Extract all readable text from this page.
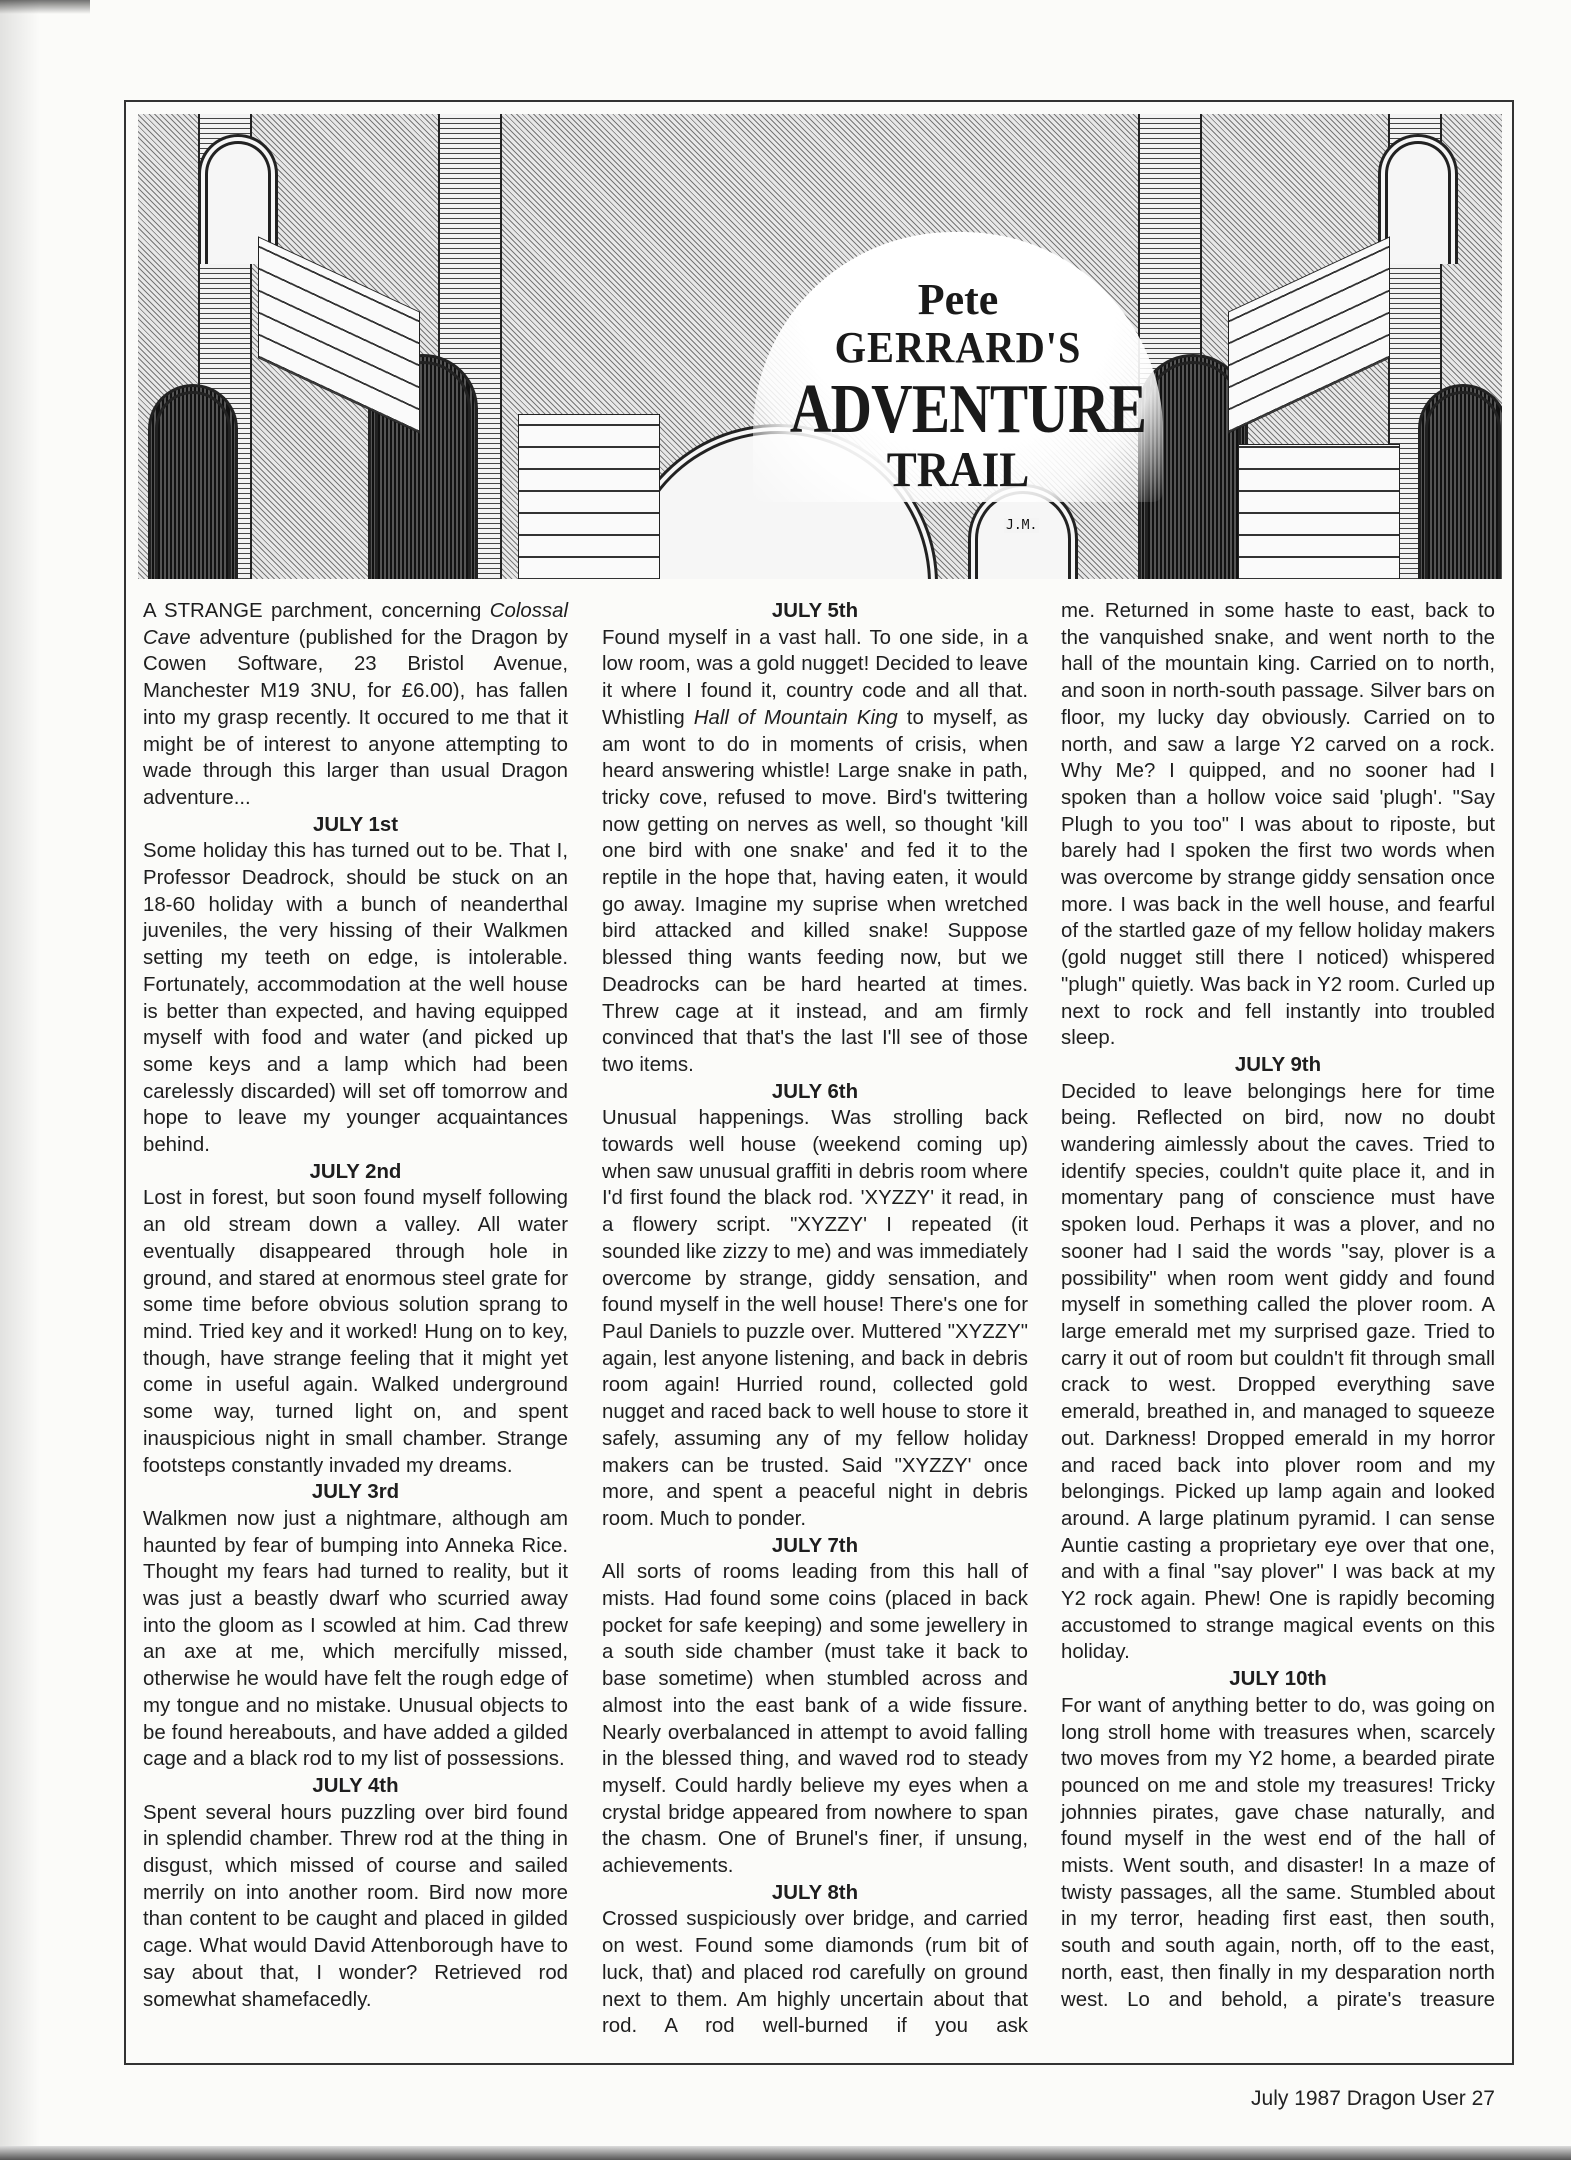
J.M.
Pete
GERRARD'S
ADVENTURE
TRAIL

A STRANGE parchment, concerning Colossal Cave adventure (published for the Dragon by Cowen Software, 23 Bristol Avenue, Manchester M19 3NU, for £6.00), has fallen into my grasp recently. It occured to me that it might be of interest to anyone attempting to wade through this larger than usual Dragon adventure...

JULY 1st

Some holiday this has turned out to be. That I, Professor Deadrock, should be stuck on an 18-60 holiday with a bunch of neanderthal juveniles, the very hissing of their Walkmen setting my teeth on edge, is intolerable. Fortunately, accommodation at the well house is better than expected, and having equipped myself with food and water (and picked up some keys and a lamp which had been carelessly discarded) will set off tomorrow and hope to leave my younger acquaintances behind.

JULY 2nd

Lost in forest, but soon found myself following an old stream down a valley. All water eventually disappeared through hole in ground, and stared at enormous steel grate for some time before obvious solution sprang to mind. Tried key and it worked! Hung on to key, though, have strange feeling that it might yet come in useful again. Walked underground some way, turned light on, and spent inauspicious night in small chamber. Strange footsteps constantly invaded my dreams.

JULY 3rd

Walkmen now just a nightmare, although am haunted by fear of bumping into Anneka Rice. Thought my fears had turned to reality, but it was just a beastly dwarf who scurried away into the gloom as I scowled at him. Cad threw an axe at me, which mercifully missed, otherwise he would have felt the rough edge of my tongue and no mistake. Unusual objects to be found hereabouts, and have added a gilded cage and a black rod to my list of possessions.

JULY 4th

Spent several hours puzzling over bird found in splendid chamber. Threw rod at the thing in disgust, which missed of course and sailed merrily on into another room. Bird now more than content to be caught and placed in gilded cage. What would David Attenborough have to say about that, I wonder? Retrieved rod somewhat shamefacedly.

JULY 5th

Found myself in a vast hall. To one side, in a low room, was a gold nugget! Decided to leave it where I found it, country code and all that. Whistling Hall of Mountain King to myself, as am wont to do in moments of crisis, when heard answering whistle! Large snake in path, tricky cove, refused to move. Bird's twittering now getting on nerves as well, so thought 'kill one bird with one snake' and fed it to the reptile in the hope that, having eaten, it would go away. Imagine my suprise when wretched bird attacked and killed snake! Suppose blessed thing wants feeding now, but we Deadrocks can be hard hearted at times. Threw cage at it instead, and am firmly convinced that that's the last I'll see of those two items.

JULY 6th

Unusual happenings. Was strolling back towards well house (weekend coming up) when saw unusual graffiti in debris room where I'd first found the black rod. 'XYZZY' it read, in a flowery script. "XYZZY' I repeated (it sounded like zizzy to me) and was immediately overcome by strange, giddy sensation, and found myself in the well house! There's one for Paul Daniels to puzzle over. Muttered "XYZZY" again, lest anyone listening, and back in debris room again! Hurried round, collected gold nugget and raced back to well house to store it safely, assuming any of my fellow holiday makers can be trusted. Said "XYZZY' once more, and spent a peaceful night in debris room. Much to ponder.

JULY 7th

All sorts of rooms leading from this hall of mists. Had found some coins (placed in back pocket for safe keeping) and some jewellery in a south side chamber (must take it back to base sometime) when stumbled across and almost into the east bank of a wide fissure. Nearly overbalanced in attempt to avoid falling in the blessed thing, and waved rod to steady myself. Could hardly believe my eyes when a crystal bridge appeared from nowhere to span the chasm. One of Brunel's finer, if unsung, achievements.

JULY 8th

Crossed suspiciously over bridge, and carried on west. Found some diamonds (rum bit of luck, that) and placed rod carefully on ground next to them. Am highly uncertain about that rod. A rod well-burned if you ask

me. Returned in some haste to east, back to the vanquished snake, and went north to the hall of the mountain king. Carried on to north, and soon in north-south passage. Silver bars on floor, my lucky day obviously. Carried on to north, and saw a large Y2 carved on a rock. Why Me? I quipped, and no sooner had I spoken than a hollow voice said 'plugh'. "Say Plugh to you too" I was about to riposte, but barely had I spoken the first two words when was overcome by strange giddy sensation once more. I was back in the well house, and fearful of the startled gaze of my fellow holiday makers (gold nugget still there I noticed) whispered "plugh" quietly. Was back in Y2 room. Curled up next to rock and fell instantly into troubled sleep.

JULY 9th

Decided to leave belongings here for time being. Reflected on bird, now no doubt wandering aimlessly about the caves. Tried to identify species, couldn't quite place it, and in momentary pang of conscience must have spoken loud. Perhaps it was a plover, and no sooner had I said the words "say, plover is a possibility" when room went giddy and found myself in something called the plover room. A large emerald met my surprised gaze. Tried to carry it out of room but couldn't fit through small crack to west. Dropped everything save emerald, breathed in, and managed to squeeze out. Darkness! Dropped emerald in my horror and raced back into plover room and my belongings. Picked up lamp again and looked around. A large platinum pyramid. I can sense Auntie casting a proprietary eye over that one, and with a final "say plover" I was back at my Y2 rock again. Phew! One is rapidly becoming accustomed to strange magical events on this holiday.

JULY 10th

For want of anything better to do, was going on long stroll home with treasures when, scarcely two moves from my Y2 home, a bearded pirate pounced on me and stole my treasures! Tricky johnnies pirates, gave chase naturally, and found myself in the west end of the hall of mists. Went south, and disaster! In a maze of twisty passages, all the same. Stumbled about in my terror, heading first east, then south, south and south again, north, off to the east, north, east, then finally in my desparation north west. Lo and behold, a pirate's treasure

July 1987 Dragon User 27
